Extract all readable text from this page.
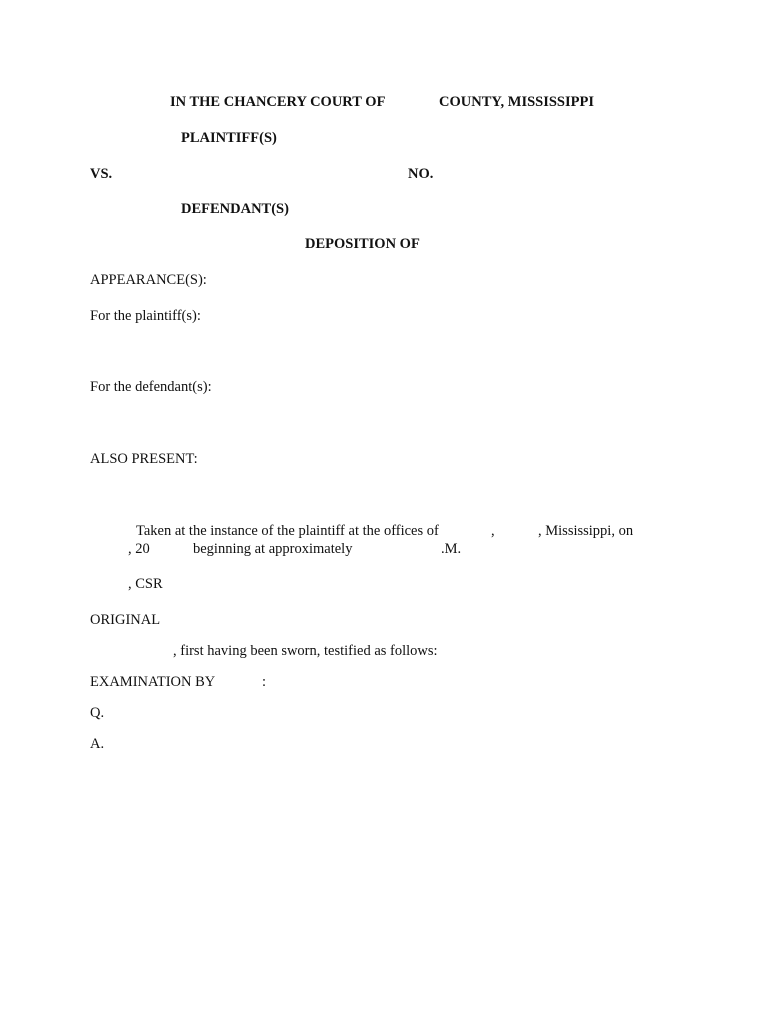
IN THE CHANCERY COURT OF	COUNTY, MISSISSIPPI
PLAINTIFF(S)
VS.	NO.
DEFENDANT(S)
DEPOSITION OF
APPEARANCE(S):
For the plaintiff(s):
For the defendant(s):
ALSO PRESENT:
Taken at the instance of the plaintiff at the offices of	,	, Mississippi, on
, 20	beginning at approximately	.M.
, CSR
ORIGINAL
, first having been sworn, testified as follows:
EXAMINATION BY	:
Q.
A.
